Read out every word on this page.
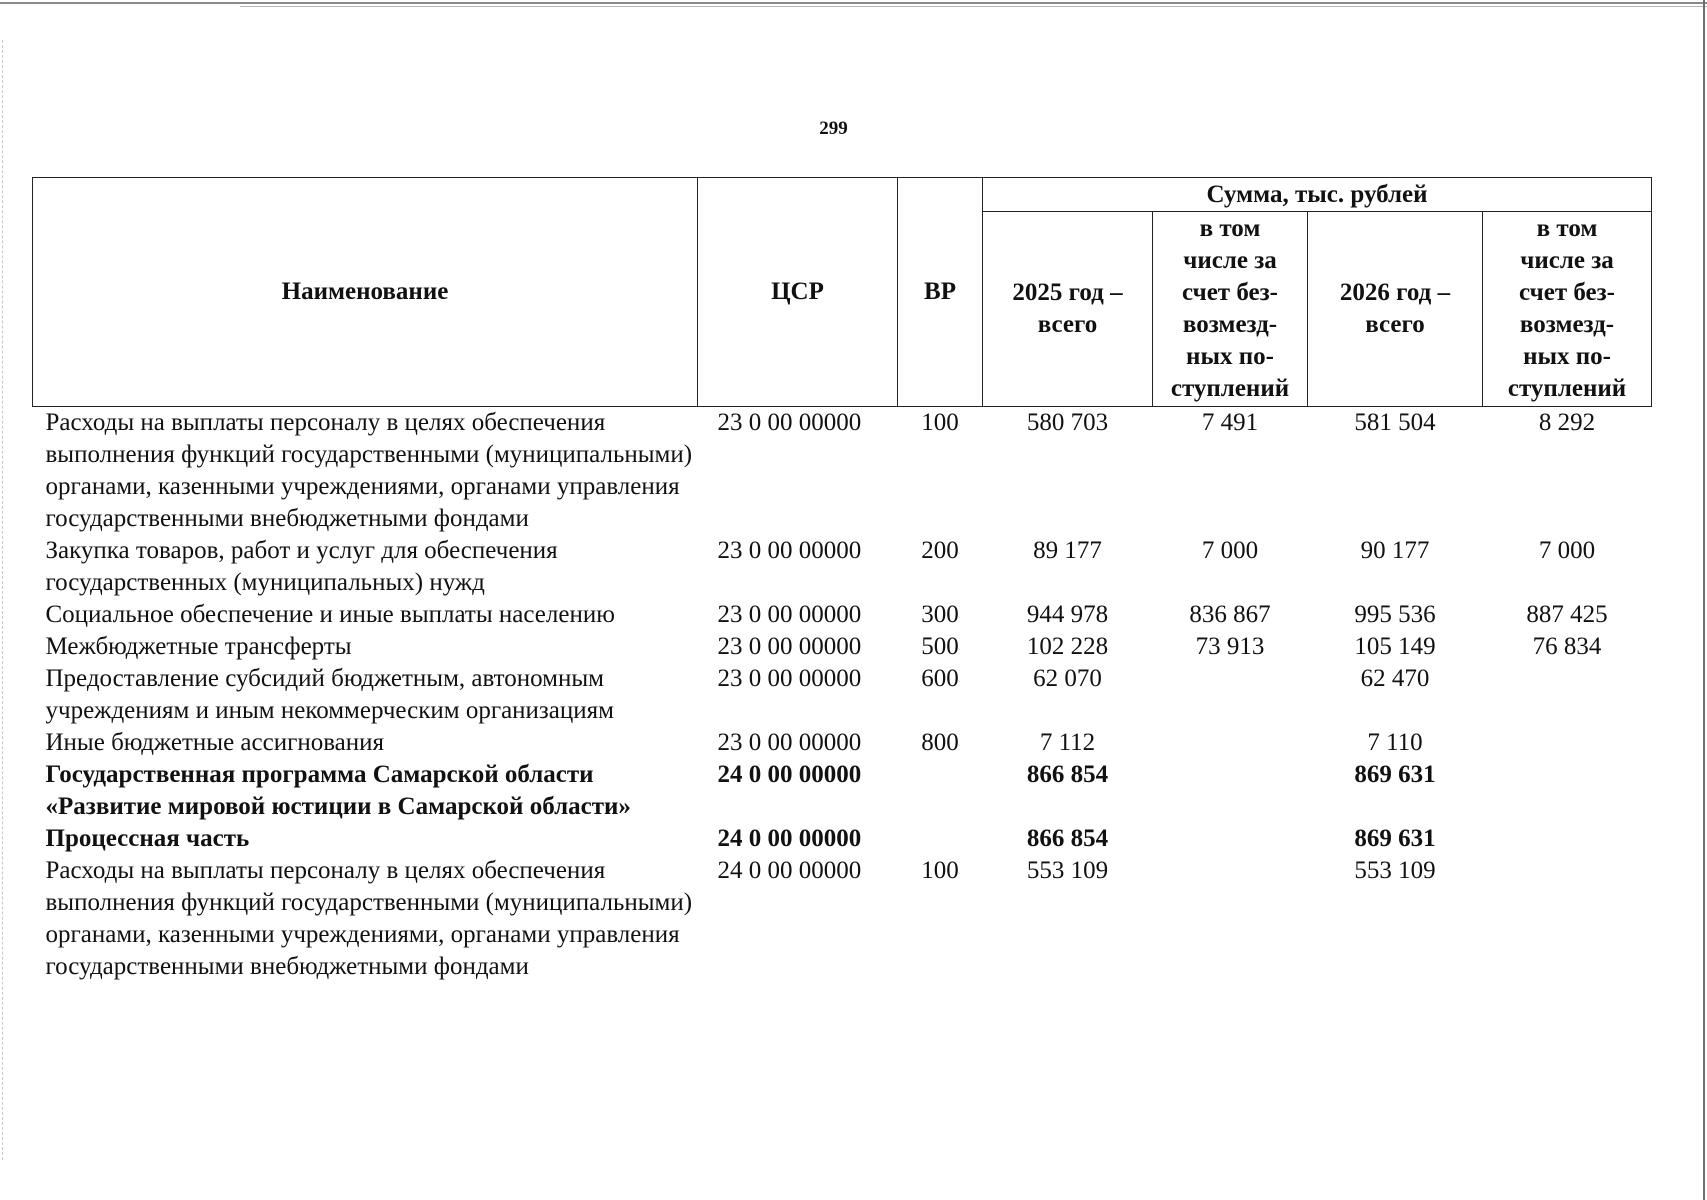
299
Наименование	ЦСР	ВР	Сумма, тыс. рублей			

			2025 год – всего	в том числе за счет без-возмезд-ных по-ступлений	2026 год – всего	в том числе за счет без-возмезд-ных по-ступлений

Расходы на выплаты персоналу в целях обеспечения выполнения функций государственными (муниципальными) органами, казенными учреждениями, органами управления государственными внебюджетными фондами	23 0 00 00000	100	580 703	7 491	581 504	8 292
Закупка товаров, работ и услуг для обеспечения государственных (муниципальных) нужд	23 0 00 00000	200	89 177	7 000	90 177	7 000
Социальное обеспечение и иные выплаты населению	23 0 00 00000	300	944 978	836 867	995 536	887 425
Межбюджетные трансферты	23 0 00 00000	500	102 228	73 913	105 149	76 834
Предоставление субсидий бюджетным, автономным учреждениям и иным некоммерческим организациям	23 0 00 00000	600	62 070		62 470	
Иные бюджетные ассигнования	23 0 00 00000	800	7 112		7 110	
Государственная программа Самарской области «Развитие мировой юстиции в Самарской области»	24 0 00 00000		866 854		869 631	
Процессная часть	24 0 00 00000		866 854		869 631	
Расходы на выплаты персоналу в целях обеспечения выполнения функций государственными (муниципальными) органами, казенными учреждениями, органами управления государственными внебюджетными фондами	24 0 00 00000	100	553 109		553 109	
